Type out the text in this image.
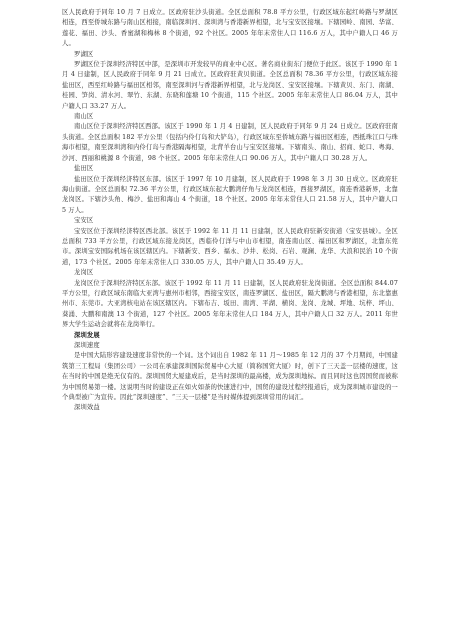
区人民政府于同年 10 月 7 日成立。区政府驻沙头街道。全区总面积 78.8 平方公里，行政区域东起红岭路与罗湖区相连，西至侨城东路与南山区相接，南临深圳河、深圳湾与香港新界相望，北与宝安区接壤。下辖园岭、南园、华富、莲花、福田、沙头、香蜜湖和梅林 8 个街道，92 个社区。2005 年年末常住人口 116.6 万人，其中户籍人口 46 万人。

罗湖区

罗湖区位于深圳经济特区中部，是深圳市开发较早的商业中心区。著名商业街东门便位于此区。该区于 1990 年 1 月 4 日建制，区人民政府于同年 9 月 21 日成立。区政府驻黄贝街道。全区总面积 78.36 平方公里，行政区域东接盐田区，西至红岭路与福田区相邻，南至深圳河与香港新界相望，北与龙岗区、宝安区接壤。下辖黄贝、东门、南湖、桂园、笋岗、清水河、翠竹、东湖、东晓和莲塘 10 个街道，115 个社区。2005 年年末常住人口 86.04 万人，其中户籍人口 33.27 万人。

南山区

南山区位于深圳经济特区西部。该区于 1990 年 1 月 4 日建制，区人民政府于同年 9 月 24 日成立。区政府驻南头街道。全区总面积 182 平方公里（包括内伶仃岛和大铲岛），行政区域东至侨城东路与福田区相连，西抵珠江口与珠海市相望，南至深圳湾和内伶仃岛与香港隔海相望，北背羊台山与宝安区接壤。下辖南头、南山、招商、蛇口、粤海、沙河、西丽和桃源 8 个街道，98 个社区。2005 年年末常住人口 90.06 万人，其中户籍人口 30.28 万人。

盐田区

盐田区位于深圳经济特区东部。该区于 1997 年 10 月建制，区人民政府于 1998 年 3 月 30 日成立。区政府驻海山街道。全区总面积 72.36 平方公里，行政区域东起大鹏湾仔角与龙岗区相连，西接罗湖区，南连香港新界，北靠龙岗区。下辖沙头角、梅沙、盐田和海山 4 个街道，18 个社区。2005 年年末常住人口 21.58 万人，其中户籍人口 5 万人。

宝安区

宝安区位于深圳经济特区西北部。该区于 1992 年 11 月 11 日建制，区人民政府驻新安街道（宝安县城）。全区总面积 733 平方公里，行政区域东接龙岗区，西临伶仃洋与中山市相望，南连南山区、福田区和罗湖区，北靠东莞市。深圳宝安国际机场在该区辖区内。下辖新安、西乡、福永、沙井、松岗、石岩、观澜、龙华、大浪和民治 10 个街道，173 个社区。2005 年年末常住人口 330.05 万人，其中户籍人口 35.49 万人。

龙岗区

龙岗区位于深圳经济特区东部。该区于 1992 年 11 月 11 日建制，区人民政府驻龙岗街道。全区总面积 844.07 平方公里，行政区域东南临大亚湾与惠州市相邻，西接宝安区，南连罗湖区、盐田区，隔大鹏湾与香港相望，东北靠惠州市、东莞市。大亚湾核电站在该区辖区内。下辖布吉、坂田、南湾、平湖、横岗、龙岗、龙城、坪地、坑梓、坪山、葵涌、大鹏和南澳 13 个街道，127 个社区。2005 年年末常住人口 184 万人，其中户籍人口 32 万人。2011 年世界大学生运动会就将在龙岗举行。

深圳发展

深圳速度

是中国大陆形容建设速度非常快的一个词。这个词出自 1982 年 11 月～1985 年 12 月的 37 个月期间，中国建筑第三工程局（集团公司）一公司在承建深圳国际贸易中心大厦（简称国贸大厦）时，创下了三天盖一层楼的速度，这在当时的中国是绝无仅有的。深圳国贸大厦建成后，是当时深圳的最高楼，成为深圳地标。而且同时这也因国贸而被称为中国贸易第一楼。这说明当时的建设正在如火如荼的快速进行中，国贸的建设过程经报道后，成为深圳城市建设的一个典型被广为宣传。因此“深圳速度”、“三天一层楼”是当时媒体提到深圳常用的词汇。

深圳效益
